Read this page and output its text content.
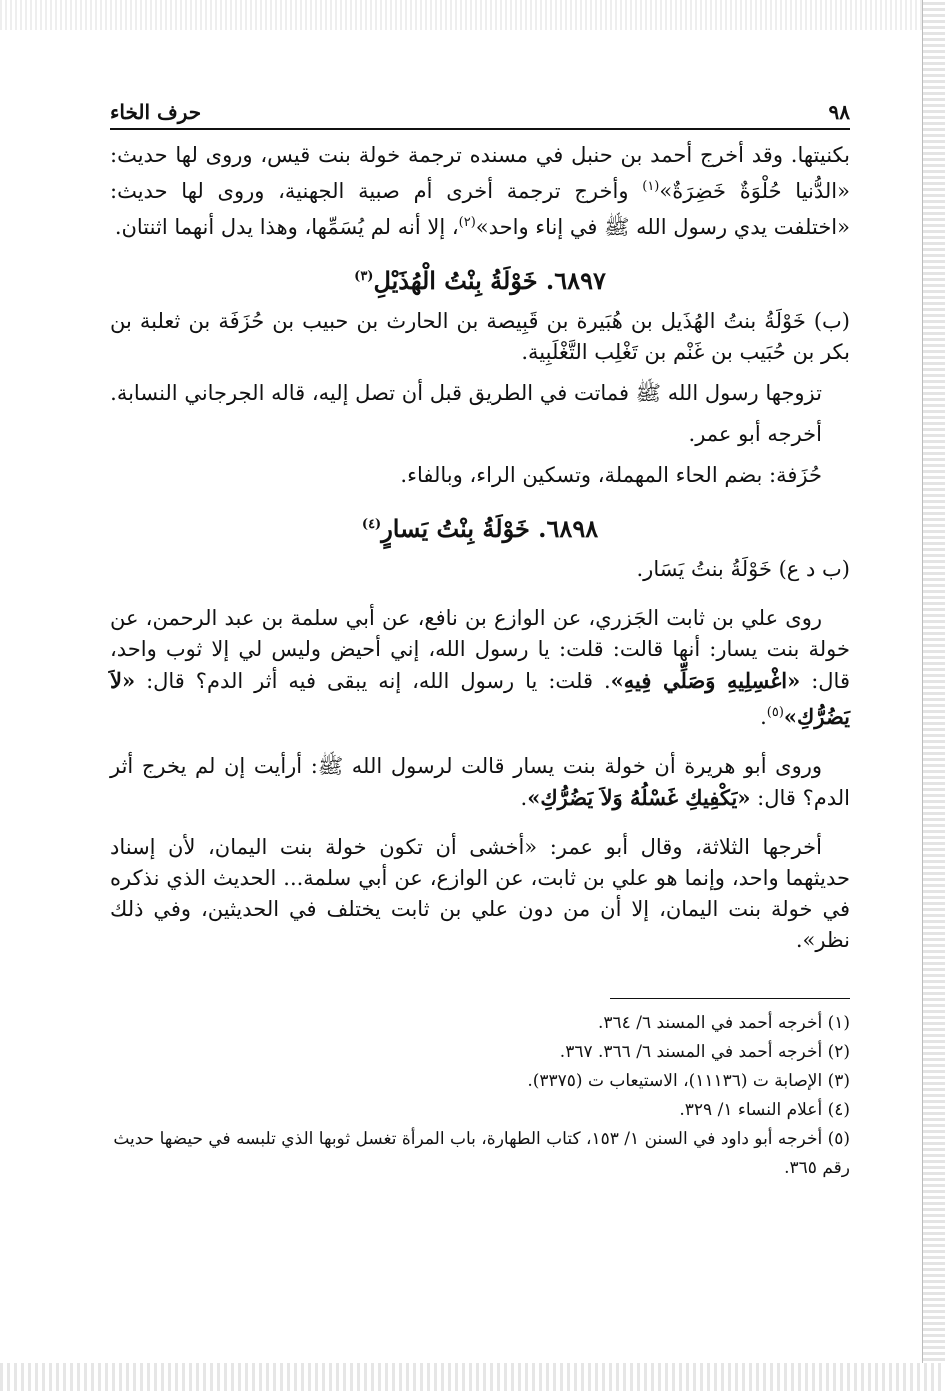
٩٨
حرف الخاء

بكنيتها. وقد أخرج أحمد بن حنبل في مسنده ترجمة خولة بنت قيس، وروى لها حديث: «الدُّنيا حُلْوَةٌ خَضِرَةٌ»$^{(١)}$ وأخرج ترجمة أخرى أم صبية الجهنية، وروى لها حديث: «اختلفت يدي رسول الله ﷺ في إناء واحد»$^{(٢)}$، إلا أنه لم يُسَمِّها، وهذا يدل أنهما اثنتان.

٦٨٩٧. خَوْلَةُ بِنْتُ الْهُذَيْلِ$^{(٣)}$

(ب) خَوْلَةُ بنتُ الهُذَيل بن هُبَيرة بن قَبِيصة بن الحارث بن حبيب بن حُزَفَة بن ثعلبة بن بكر بن حُبَيب بن غَنْم بن تَغْلِب التَّغْلَبِية.

تزوجها رسول الله ﷺ فماتت في الطريق قبل أن تصل إليه، قاله الجرجاني النسابة.

أخرجه أبو عمر.

حُزَفة: بضم الحاء المهملة، وتسكين الراء، وبالفاء.

٦٨٩٨. خَوْلَةُ بِنْتُ يَسارٍ$^{(٤)}$

(ب د ع) خَوْلَةُ بنتُ يَسَار.

روى علي بن ثابت الجَزري، عن الوازع بن نافع، عن أبي سلمة بن عبد الرحمن، عن خولة بنت يسار: أنها قالت: قلت: يا رسول الله، إني أحيض وليس لي إلا ثوب واحد، قال: «اغْسِلِيهِ وَصَلِّي فِيهِ». قلت: يا رسول الله، إنه يبقى فيه أثر الدم؟ قال: «لاَ يَضُرُّكِ»$^{(٥)}$.

وروى أبو هريرة أن خولة بنت يسار قالت لرسول الله ﷺ: أرأيت إن لم يخرج أثر الدم؟ قال: «يَكْفِيكِ غَسْلُهُ وَلاَ يَضُرُّكِ».

أخرجها الثلاثة، وقال أبو عمر: «أخشى أن تكون خولة بنت اليمان، لأن إسناد حديثهما واحد، وإنما هو علي بن ثابت، عن الوازع، عن أبي سلمة... الحديث الذي نذكره في خولة بنت اليمان، إلا أن من دون علي بن ثابت يختلف في الحديثين، وفي ذلك نظر».

(١) أخرجه أحمد في المسند ٦/ ٣٦٤.

(٢) أخرجه أحمد في المسند ٦/ ٣٦٦. ٣٦٧.

(٣) الإصابة ت (١١١٣٦)، الاستيعاب ت (٣٣٧٥).

(٤) أعلام النساء ١/ ٣٢٩.

(٥) أخرجه أبو داود في السنن ١/ ١٥٣، كتاب الطهارة، باب المرأة تغسل ثوبها الذي تلبسه في حيضها حديث رقم ٣٦٥.
